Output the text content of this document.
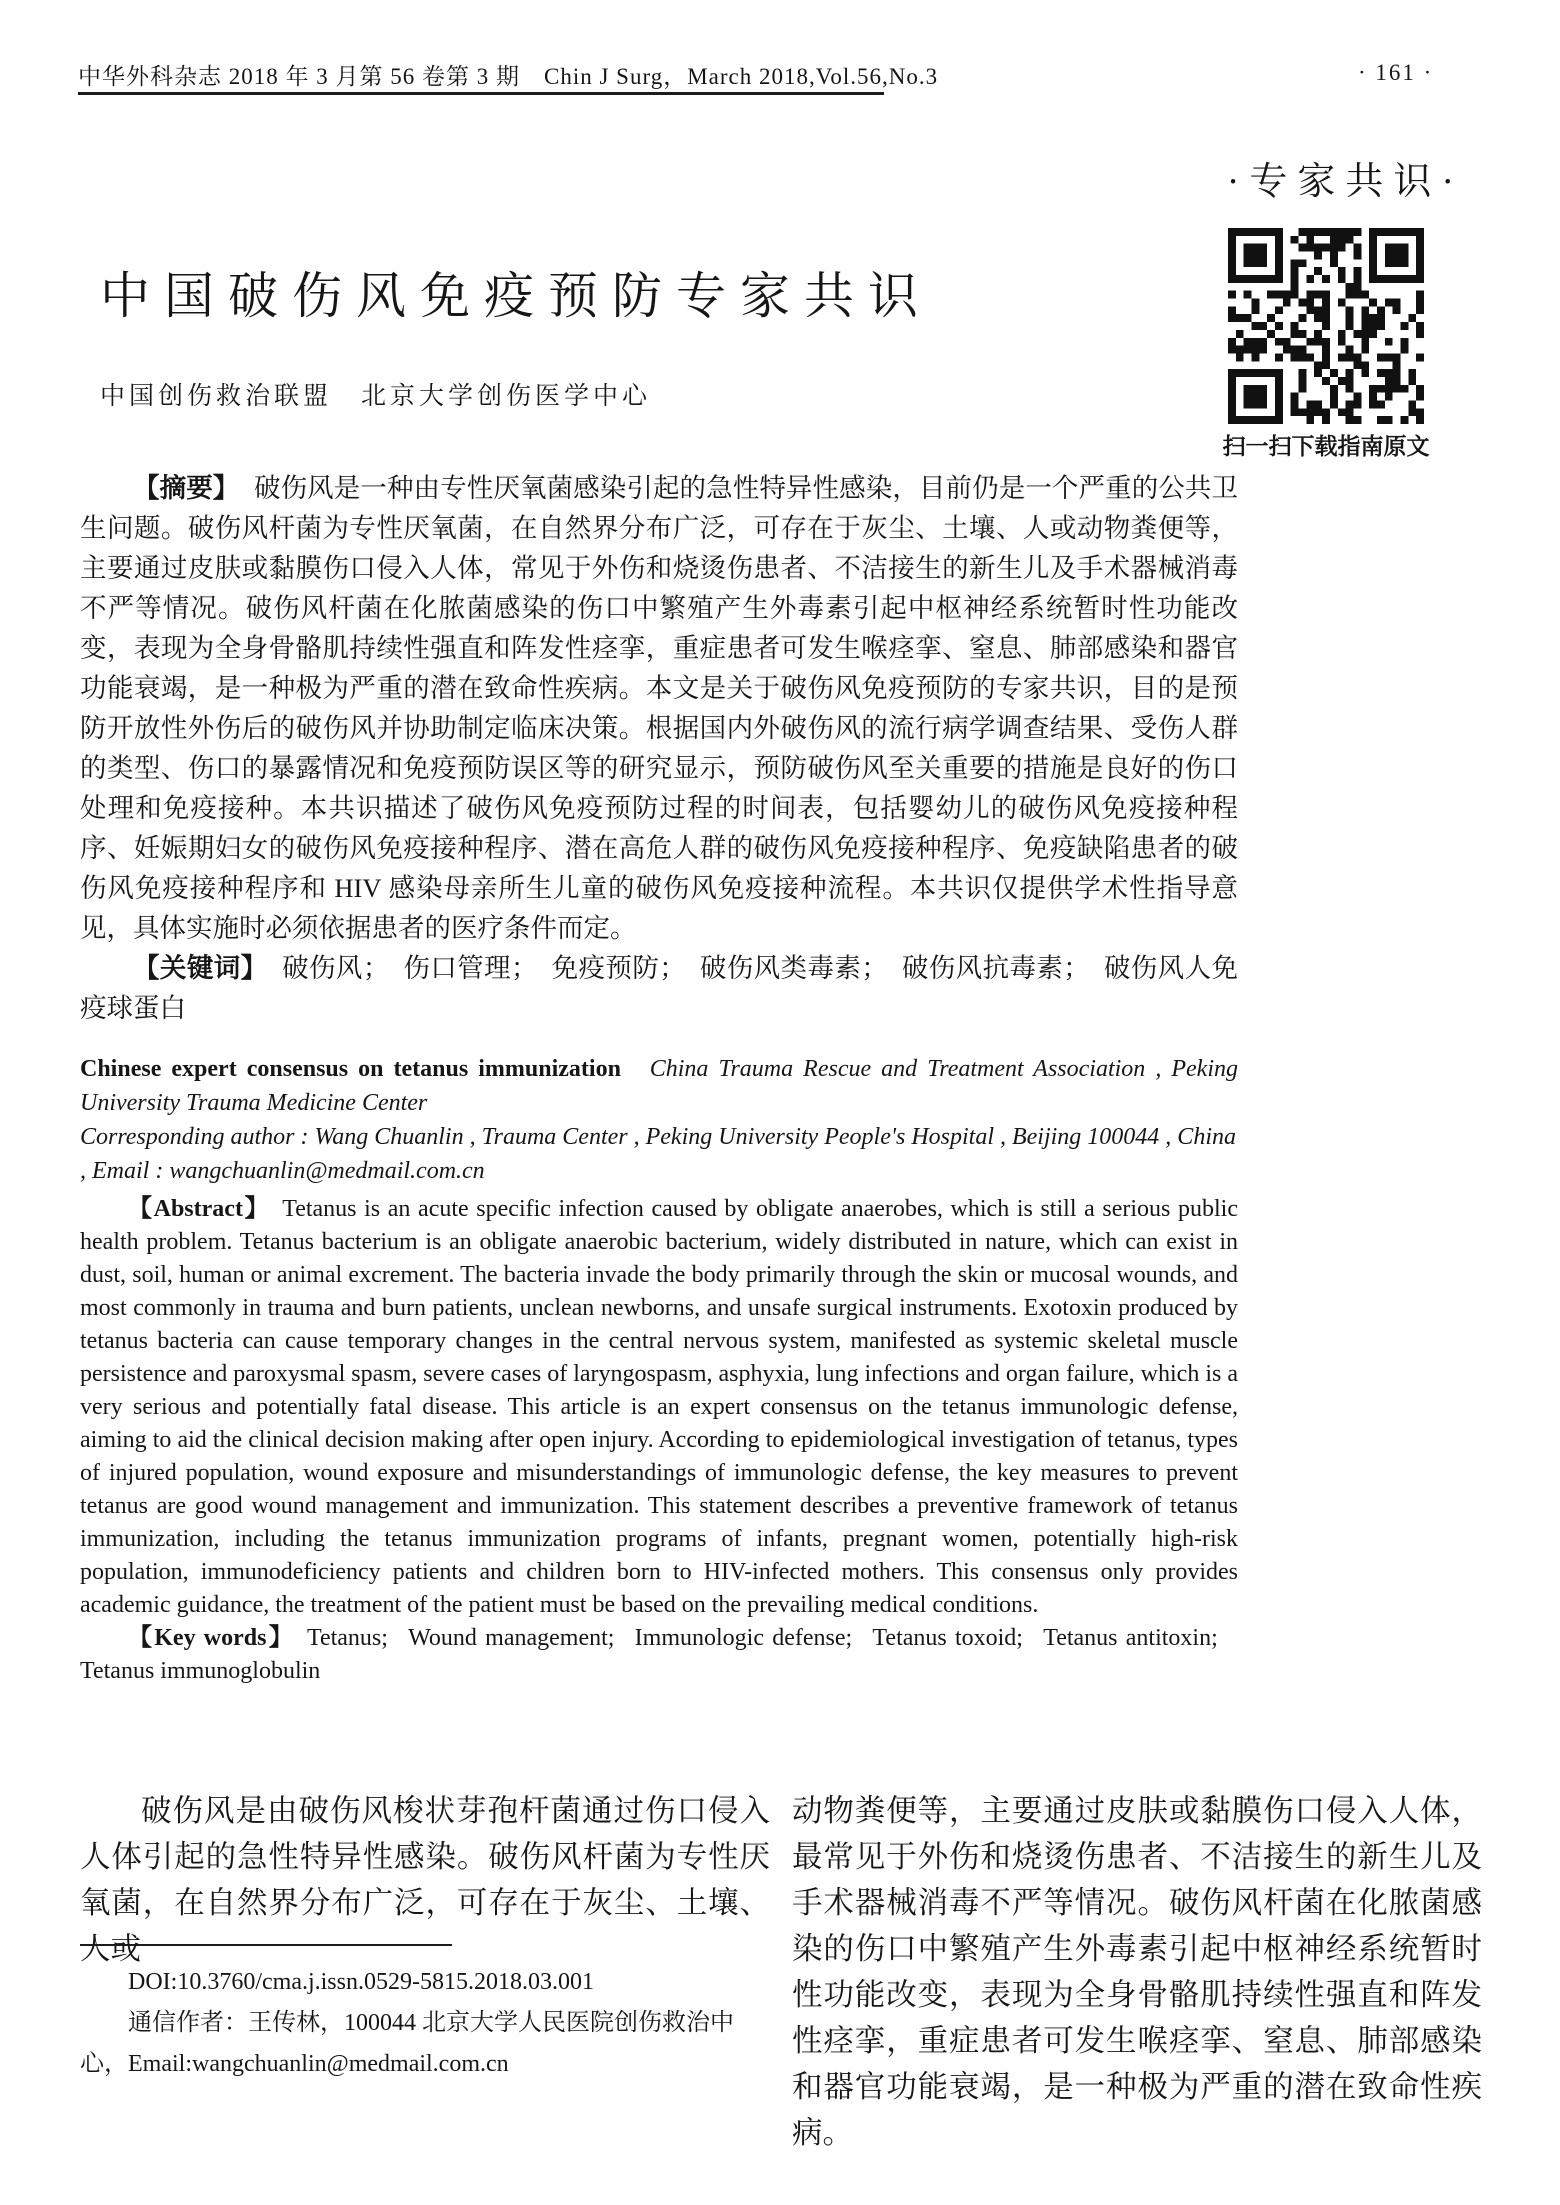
中华外科杂志 2018 年 3 月第 56 卷第 3 期　Chin J Surg，March 2018,Vol.56,No.3	· 161 ·
·专家共识·
扫一扫下载指南原文
中国破伤风免疫预防专家共识
中国创伤救治联盟　北京大学创伤医学中心

【摘要】 破伤风是一种由专性厌氧菌感染引起的急性特异性感染，目前仍是一个严重的公共卫生问题。破伤风杆菌为专性厌氧菌，在自然界分布广泛，可存在于灰尘、土壤、人或动物粪便等，主要通过皮肤或黏膜伤口侵入人体，常见于外伤和烧烫伤患者、不洁接生的新生儿及手术器械消毒不严等情况。破伤风杆菌在化脓菌感染的伤口中繁殖产生外毒素引起中枢神经系统暂时性功能改变，表现为全身骨骼肌持续性强直和阵发性痉挛，重症患者可发生喉痉挛、窒息、肺部感染和器官功能衰竭，是一种极为严重的潜在致命性疾病。本文是关于破伤风免疫预防的专家共识，目的是预防开放性外伤后的破伤风并协助制定临床决策。根据国内外破伤风的流行病学调查结果、受伤人群的类型、伤口的暴露情况和免疫预防误区等的研究显示，预防破伤风至关重要的措施是良好的伤口处理和免疫接种。本共识描述了破伤风免疫预防过程的时间表，包括婴幼儿的破伤风免疫接种程序、妊娠期妇女的破伤风免疫接种程序、潜在高危人群的破伤风免疫接种程序、免疫缺陷患者的破伤风免疫接种程序和 HIV 感染母亲所生儿童的破伤风免疫接种流程。本共识仅提供学术性指导意见，具体实施时必须依据患者的医疗条件而定。

【关键词】 破伤风；　伤口管理；　免疫预防；　破伤风类毒素；　破伤风抗毒素；　破伤风人免疫球蛋白

Chinese expert consensus on tetanus immunization China Trauma Rescue and Treatment Association , Peking University Trauma Medicine Center

Corresponding author : Wang Chuanlin , Trauma Center , Peking University People's Hospital , Beijing 100044 , China , Email : wangchuanlin@medmail.com.cn

【Abstract】 Tetanus is an acute specific infection caused by obligate anaerobes, which is still a serious public health problem. Tetanus bacterium is an obligate anaerobic bacterium, widely distributed in nature, which can exist in dust, soil, human or animal excrement. The bacteria invade the body primarily through the skin or mucosal wounds, and most commonly in trauma and burn patients, unclean newborns, and unsafe surgical instruments. Exotoxin produced by tetanus bacteria can cause temporary changes in the central nervous system, manifested as systemic skeletal muscle persistence and paroxysmal spasm, severe cases of laryngospasm, asphyxia, lung infections and organ failure, which is a very serious and potentially fatal disease. This article is an expert consensus on the tetanus immunologic defense, aiming to aid the clinical decision making after open injury. According to epidemiological investigation of tetanus, types of injured population, wound exposure and misunderstandings of immunologic defense, the key measures to prevent tetanus are good wound management and immunization. This statement describes a preventive framework of tetanus immunization, including the tetanus immunization programs of infants, pregnant women, potentially high-risk population, immunodeficiency patients and children born to HIV-infected mothers. This consensus only provides academic guidance, the treatment of the patient must be based on the prevailing medical conditions.

【Key words】 Tetanus;  Wound management;  Immunologic defense;  Tetanus toxoid;  Tetanus antitoxin;  Tetanus immunoglobulin

破伤风是由破伤风梭状芽孢杆菌通过伤口侵入人体引起的急性特异性感染。破伤风杆菌为专性厌氧菌，在自然界分布广泛，可存在于灰尘、土壤、人或

动物粪便等，主要通过皮肤或黏膜伤口侵入人体，最常见于外伤和烧烫伤患者、不洁接生的新生儿及手术器械消毒不严等情况。破伤风杆菌在化脓菌感染的伤口中繁殖产生外毒素引起中枢神经系统暂时性功能改变，表现为全身骨骼肌持续性强直和阵发性痉挛，重症患者可发生喉痉挛、窒息、肺部感染和器官功能衰竭，是一种极为严重的潜在致命性疾病。

DOI:10.3760/cma.j.issn.0529-5815.2018.03.001

通信作者：王传林，100044 北京大学人民医院创伤救治中心，Email:wangchuanlin@medmail.com.cn
